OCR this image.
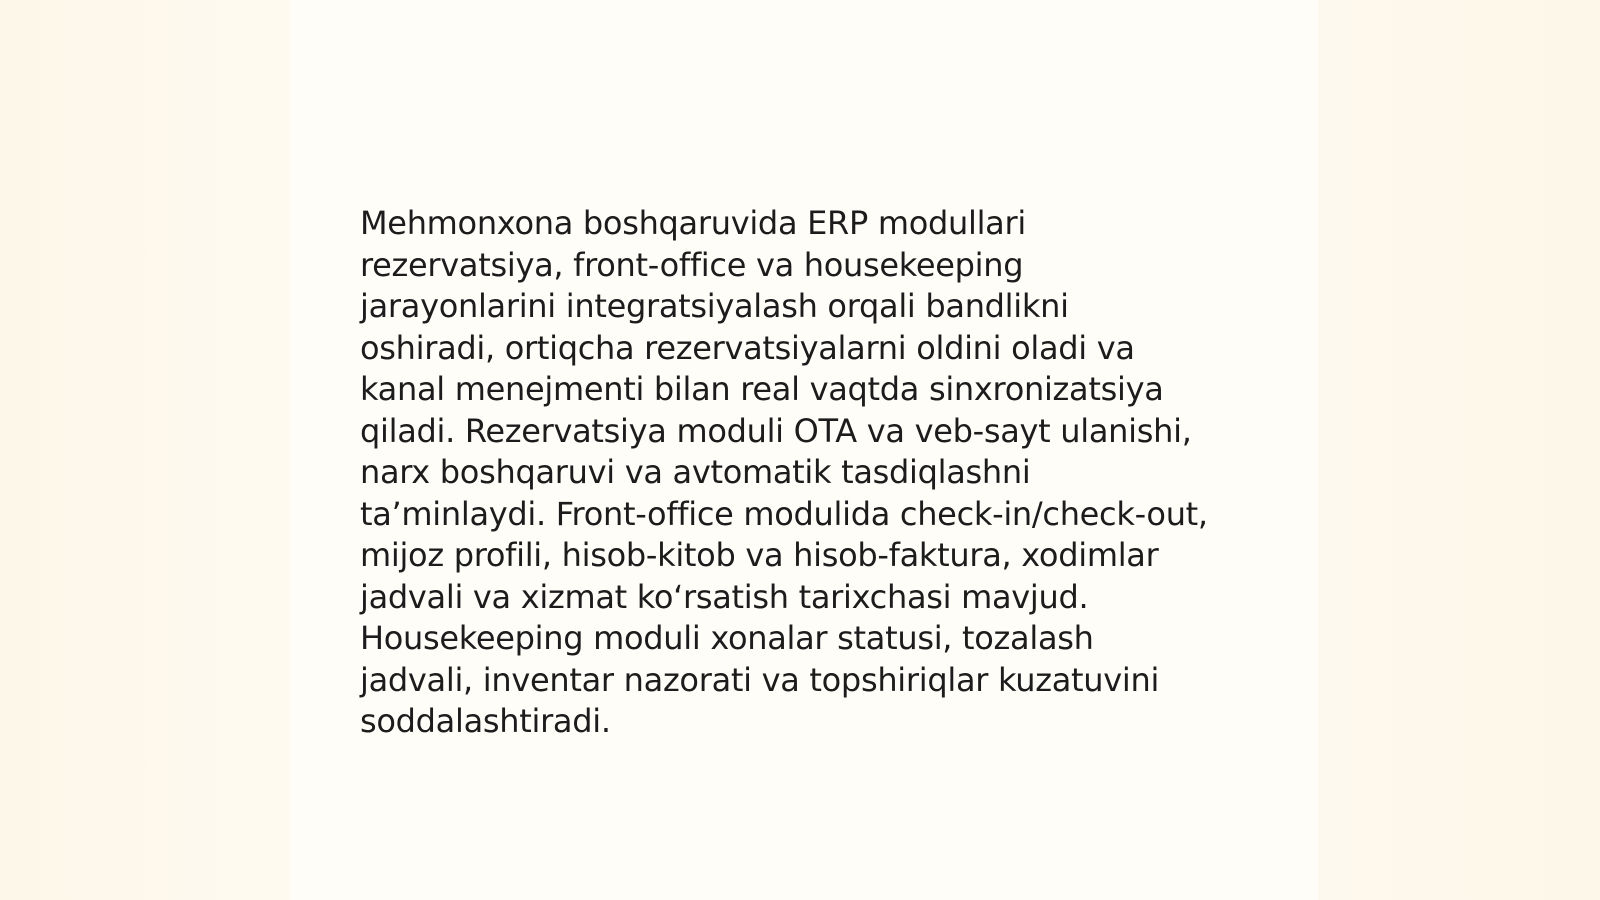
Mehmonxona boshqaruvida ERP modullari
rezervatsiya, front-office va housekeeping
jarayonlarini integratsiyalash orqali bandlikni
oshiradi, ortiqcha rezervatsiyalarni oldini oladi va
kanal menejmenti bilan real vaqtda sinxronizatsiya
qiladi. Rezervatsiya moduli OTA va veb-sayt ulanishi,
narx boshqaruvi va avtomatik tasdiqlashni
ta’minlaydi. Front-office modulida check-in/check-out,
mijoz profili, hisob-kitob va hisob-faktura, xodimlar
jadvali va xizmat koʻrsatish tarixchasi mavjud.
Housekeeping moduli xonalar statusi, tozalash
jadvali, inventar nazorati va topshiriqlar kuzatuvini
soddalashtiradi.
